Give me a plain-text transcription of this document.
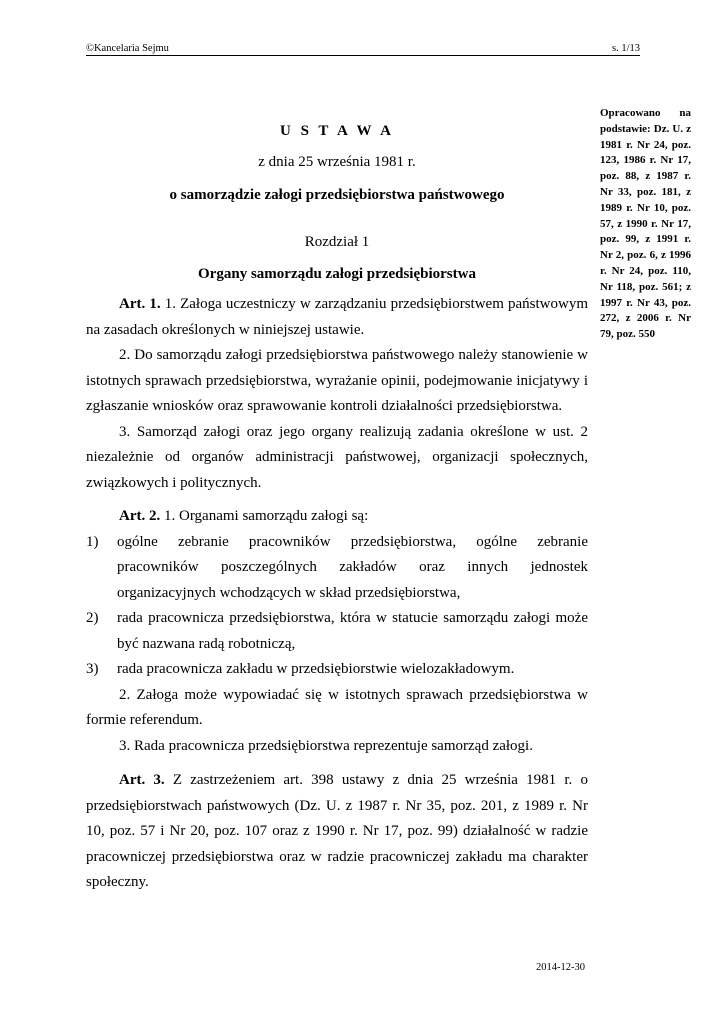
©Kancelaria Sejmu	s. 1/13
Opracowano na podstawie: Dz. U. z 1981 r. Nr 24, poz. 123, 1986 r. Nr 17, poz. 88, z 1987 r. Nr 33, poz. 181, z 1989 r. Nr 10, poz. 57, z 1990 r. Nr 17, poz. 99, z 1991 r. Nr 2, poz. 6, z 1996 r. Nr 24, poz. 110, Nr 118, poz. 561; z 1997 r. Nr 43, poz. 272, z 2006 r. Nr 79, poz. 550
U S T A W A
z dnia 25 września 1981 r.
o samorządzie załogi przedsiębiorstwa państwowego
Rozdział 1
Organy samorządu załogi przedsiębiorstwa

Art. 1. 1. Załoga uczestniczy w zarządzaniu przedsiębiorstwem państwowym na zasadach określonych w niniejszej ustawie.

2. Do samorządu załogi przedsiębiorstwa państwowego należy stanowienie w istotnych sprawach przedsiębiorstwa, wyrażanie opinii, podejmowanie inicjatywy i zgłaszanie wniosków oraz sprawowanie kontroli działalności przedsiębiorstwa.

3. Samorząd załogi oraz jego organy realizują zadania określone w ust. 2 niezależnie od organów administracji państwowej, organizacji społecznych, związkowych i politycznych.

Art. 2. 1. Organami samorządu załogi są:

1)	ogólne zebranie pracowników przedsiębiorstwa, ogólne zebranie pracowników poszczególnych zakładów oraz innych jednostek organizacyjnych wchodzących w skład przedsiębiorstwa,
2)	rada pracownicza przedsiębiorstwa, która w statucie samorządu załogi może być nazwana radą robotniczą,
3)	rada pracownicza zakładu w przedsiębiorstwie wielozakładowym.

2. Załoga może wypowiadać się w istotnych sprawach przedsiębiorstwa w formie referendum.

3. Rada pracownicza przedsiębiorstwa reprezentuje samorząd załogi.

Art. 3. Z zastrzeżeniem art. 398 ustawy z dnia 25 września 1981 r. o przedsiębiorstwach państwowych (Dz. U. z 1987 r. Nr 35, poz. 201, z 1989 r. Nr 10, poz. 57 i Nr 20, poz. 107 oraz z 1990 r. Nr 17, poz. 99) działalność w radzie pracowniczej przedsiębiorstwa oraz w radzie pracowniczej zakładu ma charakter społeczny.

2014-12-30
